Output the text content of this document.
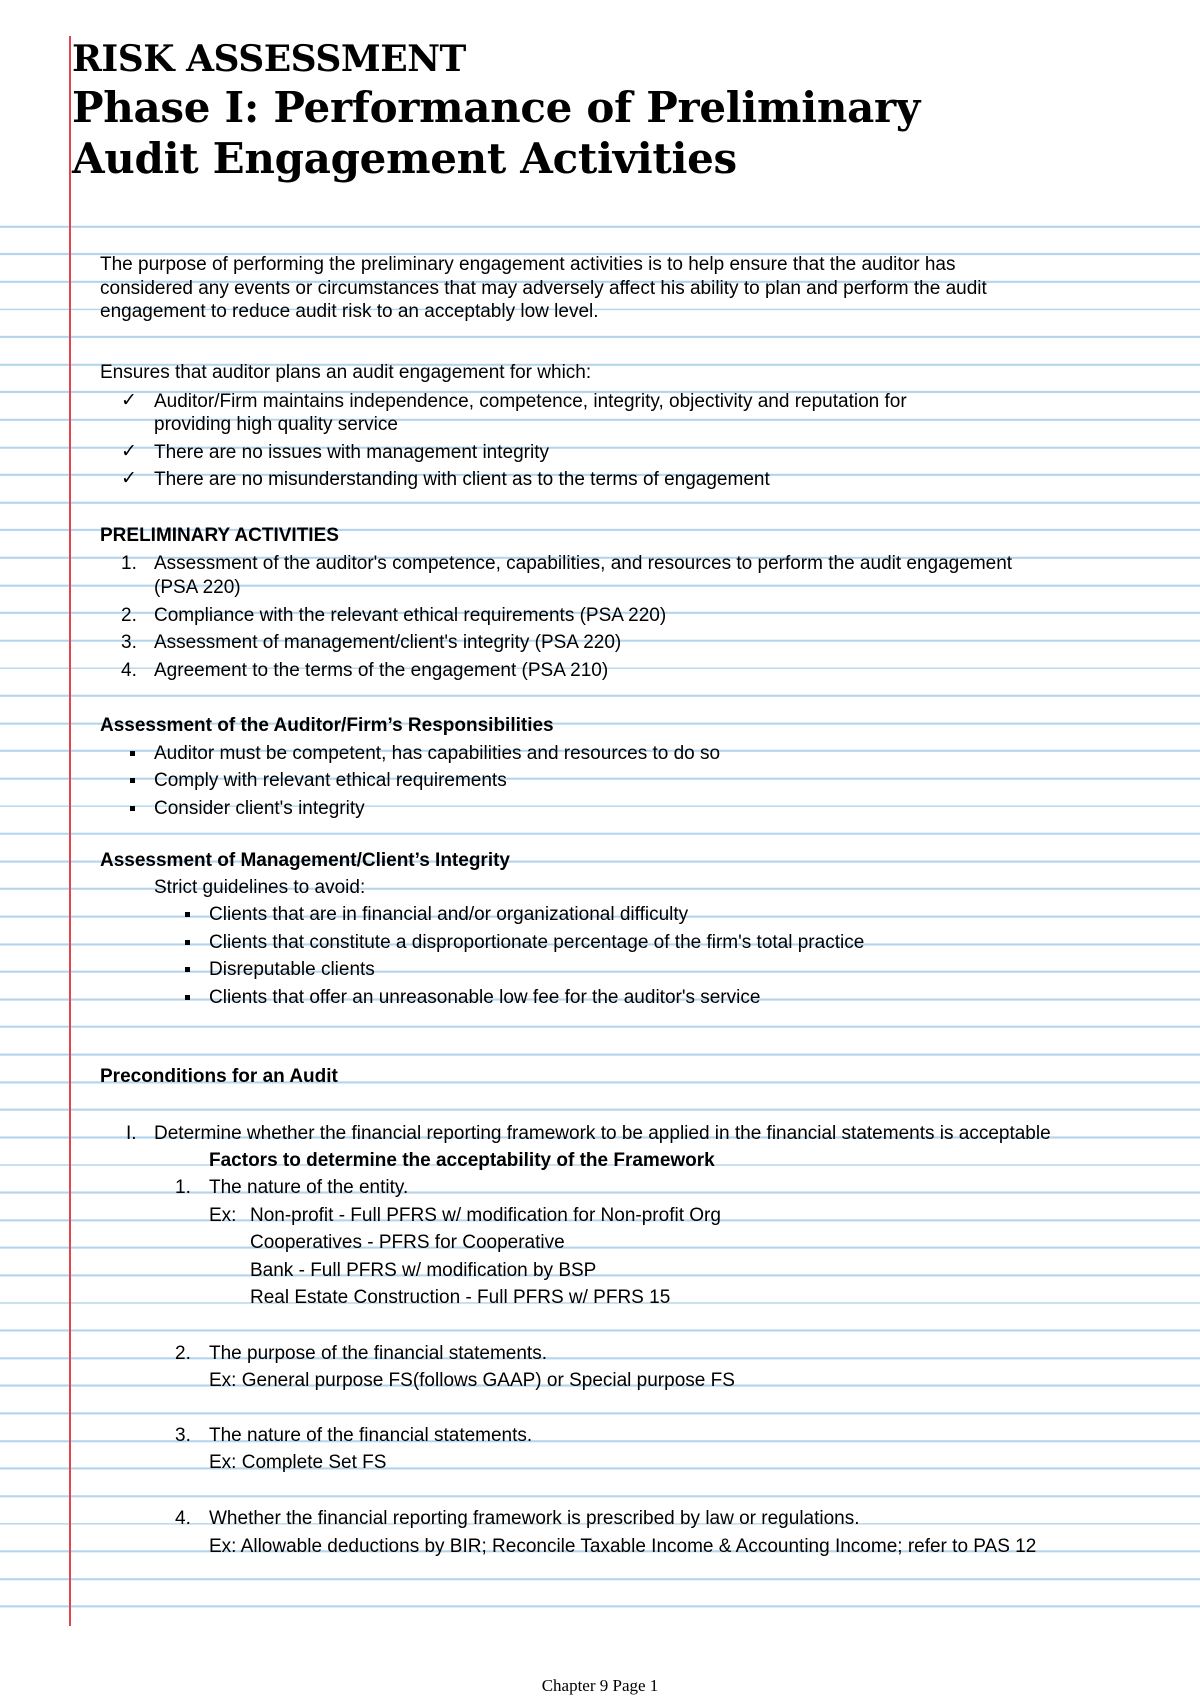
RISK ASSESSMENT
Phase I: Performance of Preliminary
Audit Engagement Activities
The purpose of performing the preliminary engagement activities is to help ensure that the auditor has
considered any events or circumstances that may adversely affect his ability to plan and perform the audit
engagement to reduce audit risk to an acceptably low level.
Ensures that auditor plans an audit engagement for which:
✓ Auditor/Firm maintains independence, competence, integrity, objectivity and reputation for
providing high quality service
✓ There are no issues with management integrity
✓ There are no misunderstanding with client as to the terms of engagement
PRELIMINARY ACTIVITIES
1. Assessment of the auditor's competence, capabilities, and resources to perform the audit engagement
(PSA 220)
2. Compliance with the relevant ethical requirements (PSA 220)
3. Assessment of management/client's integrity (PSA 220)
4. Agreement to the terms of the engagement (PSA 210)
Assessment of the Auditor/Firm’s Responsibilities
Auditor must be competent, has capabilities and resources to do so
Comply with relevant ethical requirements
Consider client's integrity
Assessment of Management/Client’s Integrity
Strict guidelines to avoid:
Clients that are in financial and/or organizational difficulty
Clients that constitute a disproportionate percentage of the firm's total practice
Disreputable clients
Clients that offer an unreasonable low fee for the auditor's service
Preconditions for an Audit
I. Determine whether the financial reporting framework to be applied in the financial statements is acceptable
Factors to determine the acceptability of the Framework
1. The nature of the entity.
Ex: Non-profit - Full PFRS w/ modification for Non-profit Org
Cooperatives - PFRS for Cooperative
Bank - Full PFRS w/ modification by BSP
Real Estate Construction - Full PFRS w/ PFRS 15
2. The purpose of the financial statements.
Ex: General purpose FS(follows GAAP) or Special purpose FS
3. The nature of the financial statements.
Ex: Complete Set FS
4. Whether the financial reporting framework is prescribed by law or regulations.
Ex: Allowable deductions by BIR; Reconcile Taxable Income & Accounting Income; refer to PAS 12
Chapter 9 Page 1
